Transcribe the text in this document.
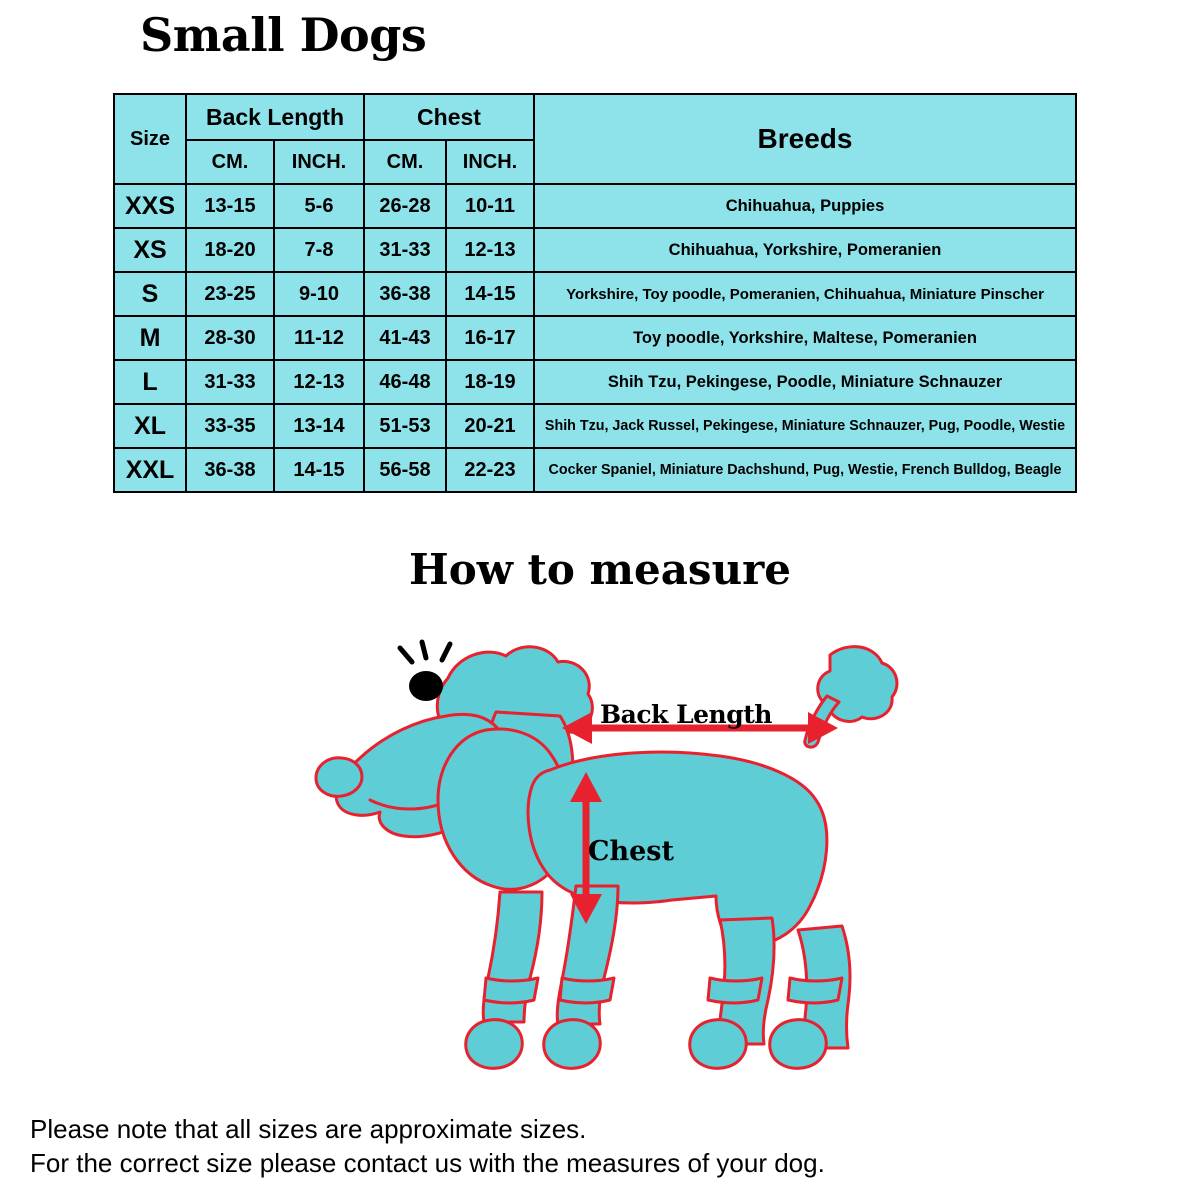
Small Dogs
Size	Back Length		Chest		Breeds
	CM.	INCH.	CM.	INCH.	
XXS	13-15	5-6	26-28	10-11	Chihuahua, Puppies
XS	18-20	7-8	31-33	12-13	Chihuahua, Yorkshire, Pomeranien
S	23-25	9-10	36-38	14-15	Yorkshire, Toy poodle, Pomeranien, Chihuahua, Miniature Pinscher
M	28-30	11-12	41-43	16-17	Toy poodle, Yorkshire, Maltese, Pomeranien
L	31-33	12-13	46-48	18-19	Shih Tzu, Pekingese, Poodle, Miniature Schnauzer
XL	33-35	13-14	51-53	20-21	Shih Tzu, Jack Russel, Pekingese, Miniature Schnauzer, Pug, Poodle, Westie
XXL	36-38	14-15	56-58	22-23	Cocker Spaniel, Miniature Dachshund, Pug, Westie, French Bulldog, Beagle
How to measure
Back Length
Chest
Please note that all sizes are approximate sizes.
For the correct size please contact us with the measures of your dog.
